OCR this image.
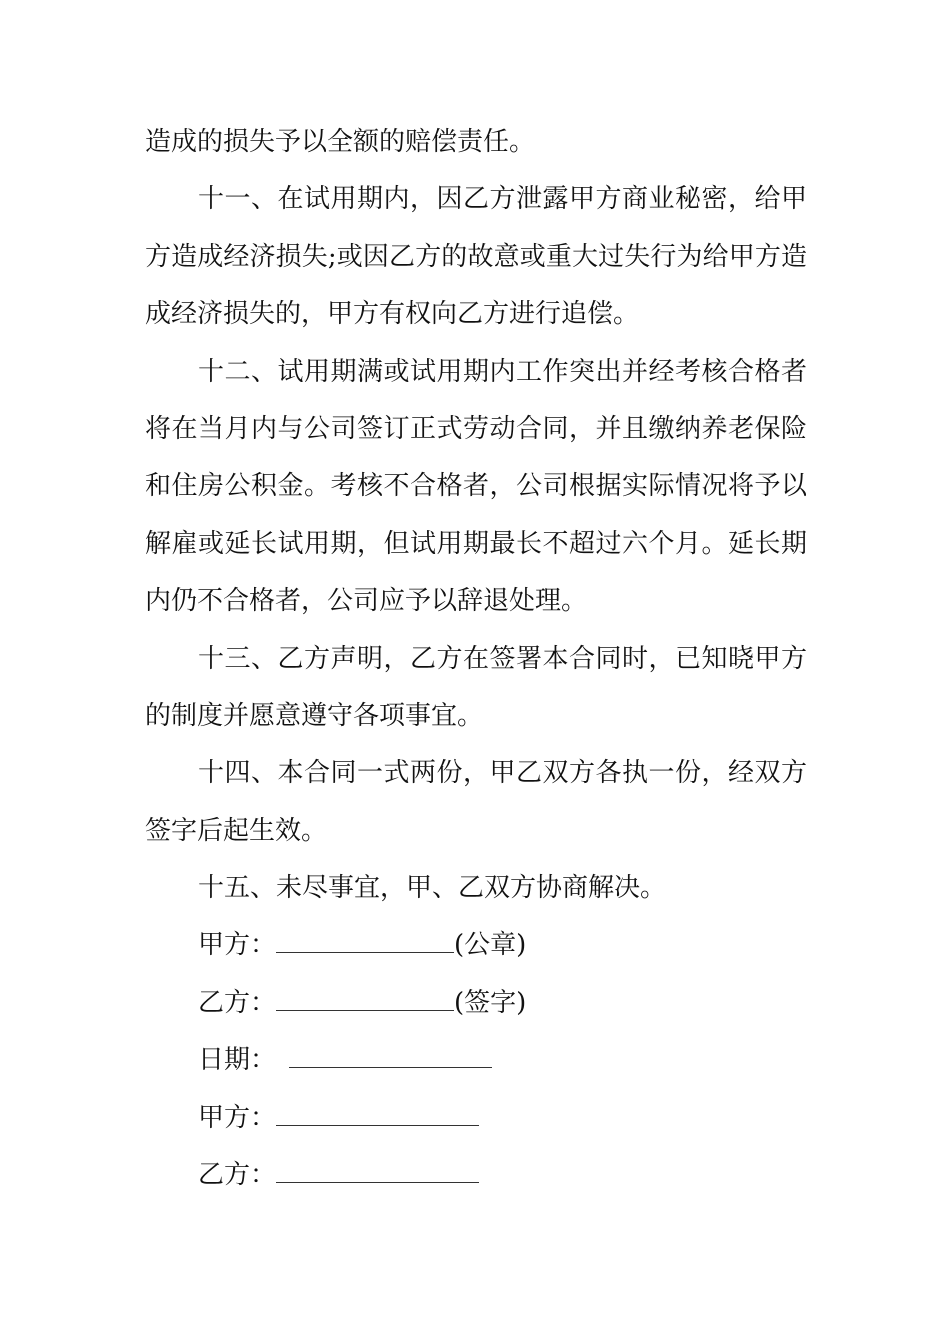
造成的损失予以全额的赔偿责任。
十一、在试用期内，因乙方泄露甲方商业秘密，给甲
方造成经济损失;或因乙方的故意或重大过失行为给甲方造
成经济损失的，甲方有权向乙方进行追偿。
十二、试用期满或试用期内工作突出并经考核合格者
将在当月内与公司签订正式劳动合同，并且缴纳养老保险
和住房公积金。考核不合格者，公司根据实际情况将予以
解雇或延长试用期，但试用期最长不超过六个月。延长期
内仍不合格者，公司应予以辞退处理。
十三、乙方声明，乙方在签署本合同时，已知晓甲方
的制度并愿意遵守各项事宜。
十四、本合同一式两份，甲乙双方各执一份，经双方
签字后起生效。
十五、未尽事宜，甲、乙双方协商解决。
甲方：	(公章)
乙方：	(签字)
日期：
甲方：
乙方：
